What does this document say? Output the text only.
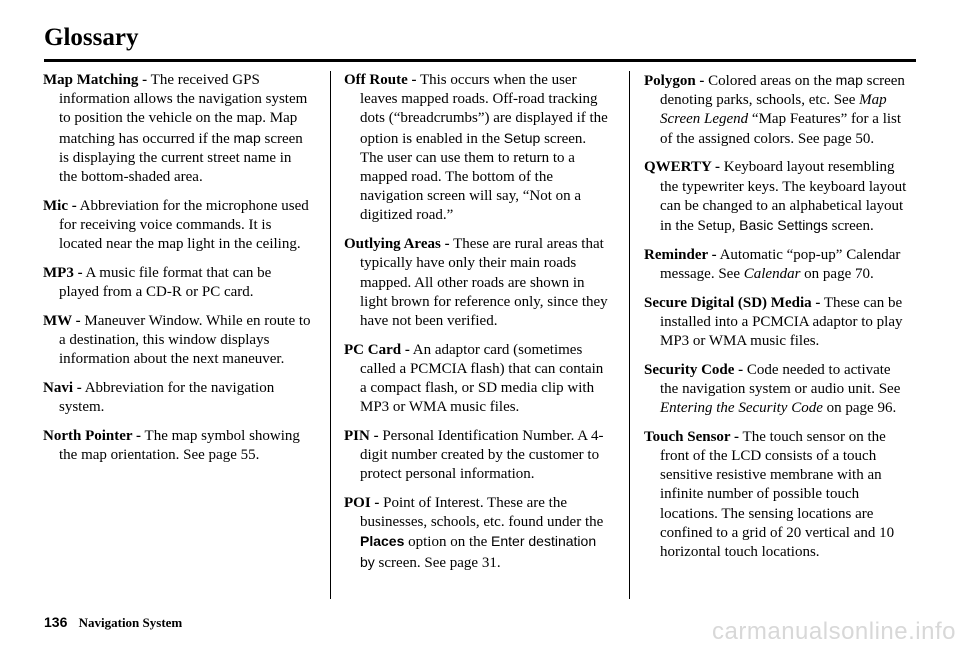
Glossary

Map Matching - The received GPS information allows the navigation system to position the vehicle on the map. Map matching has occurred if the map screen is displaying the current street name in the bottom-shaded area.

Mic - Abbreviation for the microphone used for receiving voice commands. It is located near the map light in the ceiling.

MP3 - A music file format that can be played from a CD-R or PC card.

MW - Maneuver Window. While en route to a destination, this window displays information about the next maneuver.

Navi - Abbreviation for the navigation system.

North Pointer - The map symbol showing the map orientation. See page 55.

Off Route - This occurs when the user leaves mapped roads. Off-road tracking dots (“breadcrumbs”) are displayed if the option is enabled in the Setup screen. The user can use them to return to a mapped road. The bottom of the navigation screen will say, “Not on a digitized road.”

Outlying Areas - These are rural areas that typically have only their main roads mapped. All other roads are shown in light brown for reference only, since they have not been verified.

PC Card - An adaptor card (sometimes called a PCMCIA flash) that can contain a compact flash, or SD media clip with MP3 or WMA music files.

PIN - Personal Identification Number. A 4-digit number created by the customer to protect personal information.

POI - Point of Interest. These are the businesses, schools, etc. found under the Places option on the Enter destination by screen. See page 31.

Polygon - Colored areas on the map screen denoting parks, schools, etc. See Map Screen Legend “Map Features” for a list of the assigned colors. See page 50.

QWERTY - Keyboard layout resembling the typewriter keys. The keyboard layout can be changed to an alphabetical layout in the Setup, Basic Settings screen.

Reminder - Automatic “pop-up” Calendar message. See Calendar on page 70.

Secure Digital (SD) Media - These can be installed into a PCMCIA adaptor to play MP3 or WMA music files.

Security Code - Code needed to activate the navigation system or audio unit. See Entering the Security Code on page 96.

Touch Sensor - The touch sensor on the front of the LCD consists of a touch sensitive resistive membrane with an infinite number of possible touch locations. The sensing locations are confined to a grid of 20 vertical and 10 horizontal touch locations.

136 Navigation System	carmanualsonline.info
